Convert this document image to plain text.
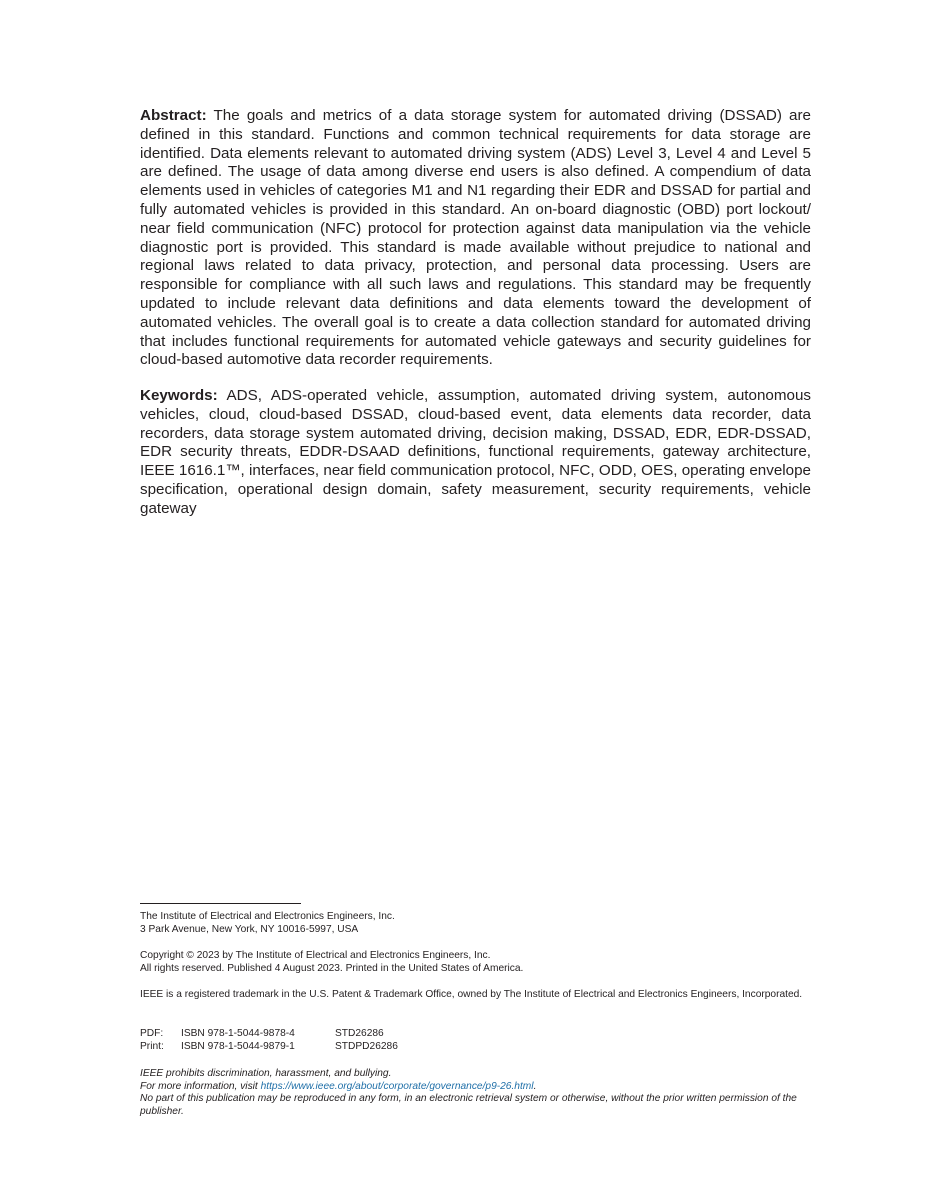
Abstract: The goals and metrics of a data storage system for automated driving (DSSAD) are defined in this standard. Functions and common technical requirements for data storage are identified. Data elements relevant to automated driving system (ADS) Level 3, Level 4 and Level 5 are defined. The usage of data among diverse end users is also defined. A compendium of data elements used in vehicles of categories M1 and N1 regarding their EDR and DSSAD for partial and fully automated vehicles is provided in this standard. An on-board diagnostic (OBD) port lockout/ near field communication (NFC) protocol for protection against data manipulation via the vehicle diagnostic port is provided. This standard is made available without prejudice to national and regional laws related to data privacy, protection, and personal data processing. Users are responsible for compliance with all such laws and regulations. This standard may be frequently updated to include relevant data definitions and data elements toward the development of automated vehicles. The overall goal is to create a data collection standard for automated driving that includes functional requirements for automated vehicle gateways and security guidelines for cloud-based automotive data recorder requirements.

Keywords: ADS, ADS-operated vehicle, assumption, automated driving system, autonomous vehicles, cloud, cloud-based DSSAD, cloud-based event, data elements data recorder, data recorders, data storage system automated driving, decision making, DSSAD, EDR, EDR-DSSAD, EDR security threats, EDDR-DSAAD definitions, functional requirements, gateway architecture, IEEE 1616.1™, interfaces, near field communication protocol, NFC, ODD, OES, operating envelope specification, operational design domain, safety measurement, security requirements, vehicle gateway

The Institute of Electrical and Electronics Engineers, Inc.
3 Park Avenue, New York, NY 10016-5997, USA
Copyright © 2023 by The Institute of Electrical and Electronics Engineers, Inc.
All rights reserved. Published 4 August 2023. Printed in the United States of America.
IEEE is a registered trademark in the U.S. Patent & Trademark Office, owned by The Institute of Electrical and Electronics Engineers, Incorporated.
PDF:	ISBN 978-1-5044-9878-4	STD26286
Print:	ISBN 978-1-5044-9879-1	STDPD26286
IEEE prohibits discrimination, harassment, and bullying.
For more information, visit https://www.ieee.org/about/corporate/governance/p9-26.html.
No part of this publication may be reproduced in any form, in an electronic retrieval system or otherwise, without the prior written permission of the publisher.
